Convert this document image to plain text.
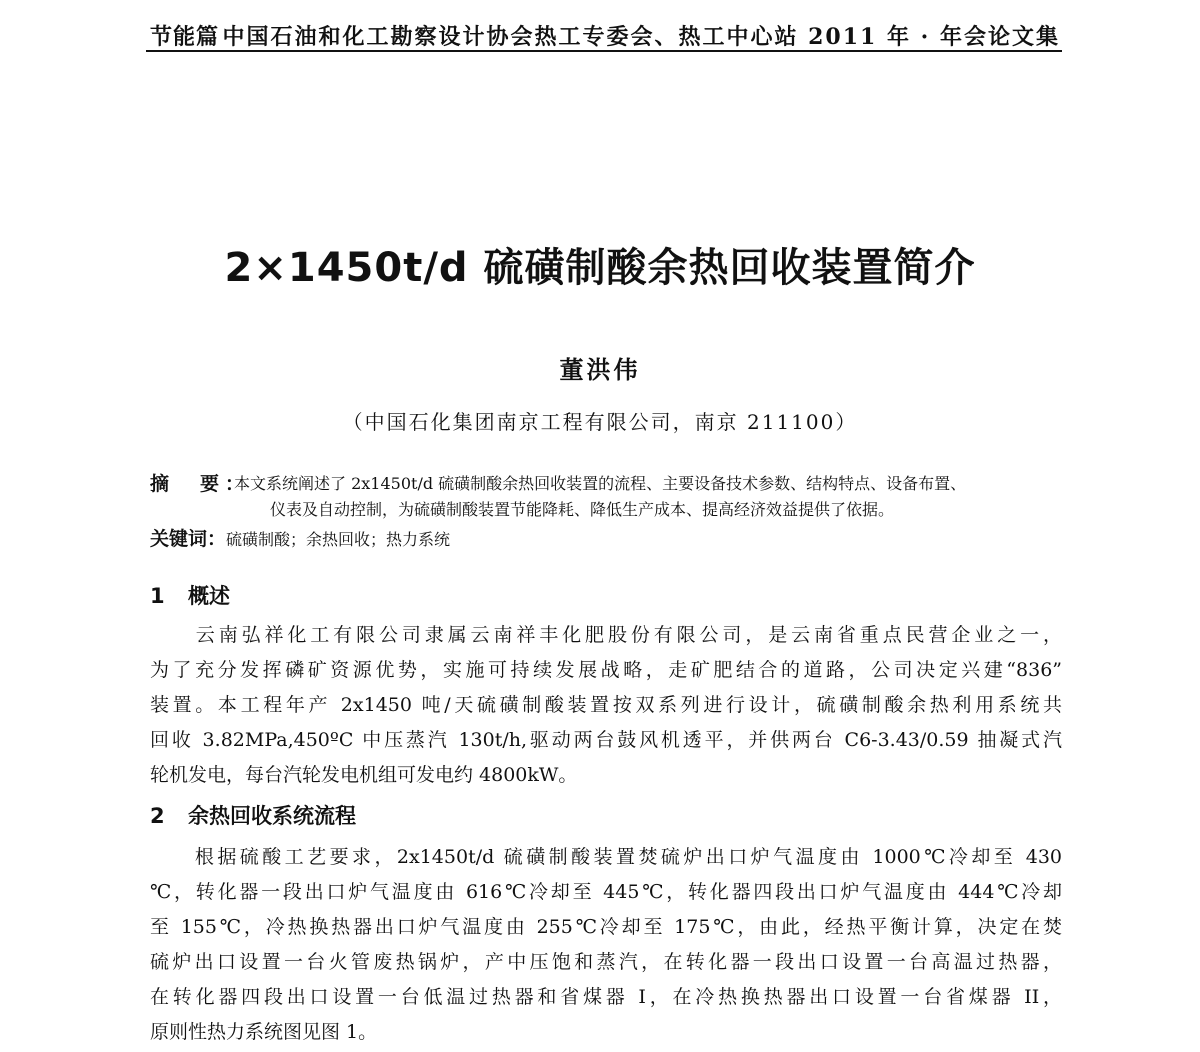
节能篇 中国石油和化工勘察设计协会热工专委会、热工中心站 2011 年 · 年会论文集
2×1450t/d 硫磺制酸余热回收装置简介
董洪伟
（中国石化集团南京工程有限公司，南京 211100）
摘　要：
本文系统阐述了 2x1450t/d 硫磺制酸余热回收装置的流程、主要设备技术参数、结构特点、设备布置、
仪表及自动控制，为硫磺制酸装置节能降耗、降低生产成本、提高经济效益提供了依据。
关键词：硫磺制酸；余热回收；热力系统
1 概述
　　云南弘祥化工有限公司隶属云南祥丰化肥股份有限公司，是云南省重点民营企业之一，
为了充分发挥磷矿资源优势，实施可持续发展战略，走矿肥结合的道路，公司决定兴建“836”
装置。本工程年产 2x1450 吨/天硫磺制酸装置按双系列进行设计，硫磺制酸余热利用系统共
回收 3.82MPa,450ºC 中压蒸汽 130t/h,驱动两台鼓风机透平，并供两台 C6-3.43/0.59 抽凝式汽
轮机发电，每台汽轮发电机组可发电约 4800kW。
2 余热回收系统流程
　　根据硫酸工艺要求，2x1450t/d 硫磺制酸装置焚硫炉出口炉气温度由 1000℃冷却至 430
℃，转化器一段出口炉气温度由 616℃冷却至 445℃，转化器四段出口炉气温度由 444℃冷却
至 155℃，冷热换热器出口炉气温度由 255℃冷却至 175℃，由此，经热平衡计算，决定在焚
硫炉出口设置一台火管废热锅炉，产中压饱和蒸汽，在转化器一段出口设置一台高温过热器，
在转化器四段出口设置一台低温过热器和省煤器 I，在冷热换热器出口设置一台省煤器 II，
原则性热力系统图见图 1。
